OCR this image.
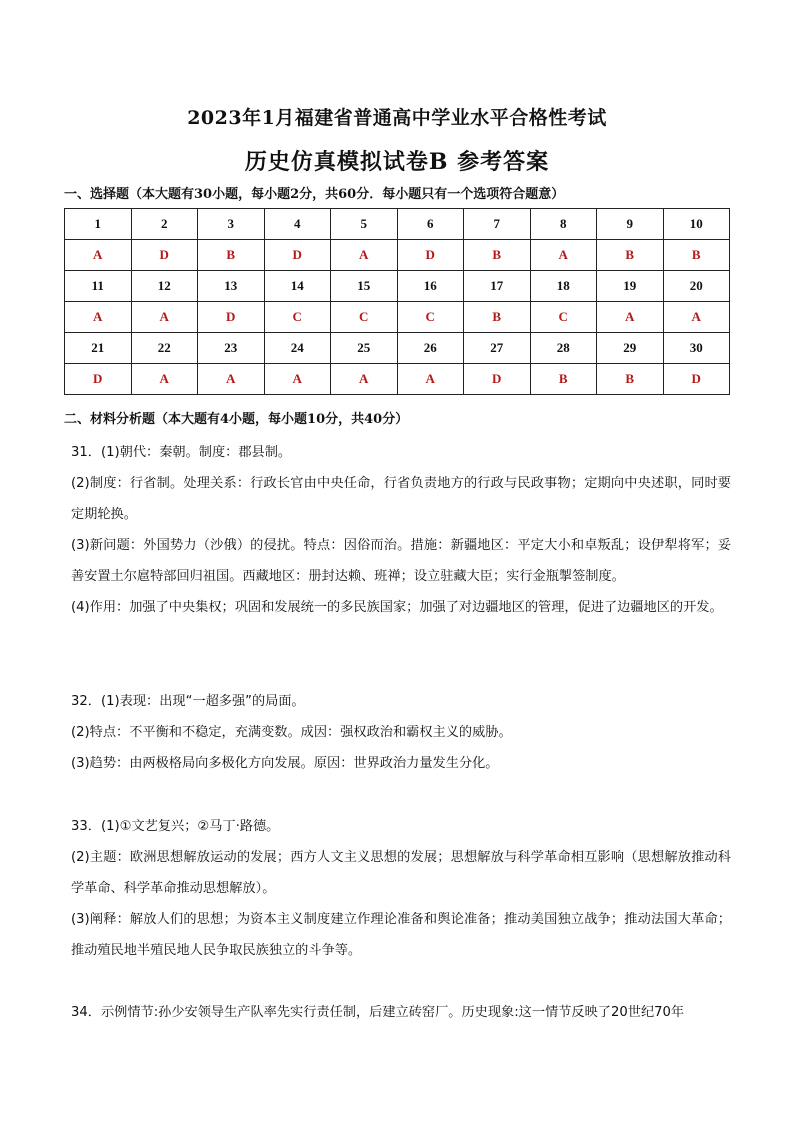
2023年1月福建省普通高中学业水平合格性考试
历史仿真模拟试卷B 参考答案
一、选择题（本大题有30小题，每小题2分，共60分．每小题只有一个选项符合题意）
1	2	3	4	5	6	7	8	9	10
A	D	B	D	A	D	B	A	B	B
11	12	13	14	15	16	17	18	19	20
A	A	D	C	C	C	B	C	A	A
21	22	23	24	25	26	27	28	29	30
D	A	A	A	A	A	D	B	B	D
二、材料分析题（本大题有4小题，每小题10分，共40分）

31．(1)朝代：秦朝。制度：郡县制。

(2)制度：行省制。处理关系：行政长官由中央任命，行省负责地方的行政与民政事物；定期向中央述职，同时要定期轮换。

(3)新问题：外国势力（沙俄）的侵扰。特点：因俗而治。措施：新疆地区：平定大小和卓叛乱；设伊犁将军；妥善安置土尔扈特部回归祖国。西藏地区：册封达赖、班禅；设立驻藏大臣；实行金瓶掣签制度。

(4)作用：加强了中央集权；巩固和发展统一的多民族国家；加强了对边疆地区的管理，促进了边疆地区的开发。

32．(1)表现：出现“一超多强”的局面。

(2)特点：不平衡和不稳定，充满变数。成因：强权政治和霸权主义的威胁。

(3)趋势：由两极格局向多极化方向发展。原因：世界政治力量发生分化。

33．(1)①文艺复兴；②马丁·路德。

(2)主题：欧洲思想解放运动的发展；西方人文主义思想的发展；思想解放与科学革命相互影响（思想解放推动科学革命、科学革命推动思想解放）。

(3)阐释：解放人们的思想；为资本主义制度建立作理论准备和舆论准备；推动美国独立战争；推动法国大革命；推动殖民地半殖民地人民争取民族独立的斗争等。

34．示例情节:孙少安领导生产队率先实行责任制，后建立砖窑厂。历史现象:这一情节反映了20世纪70年
